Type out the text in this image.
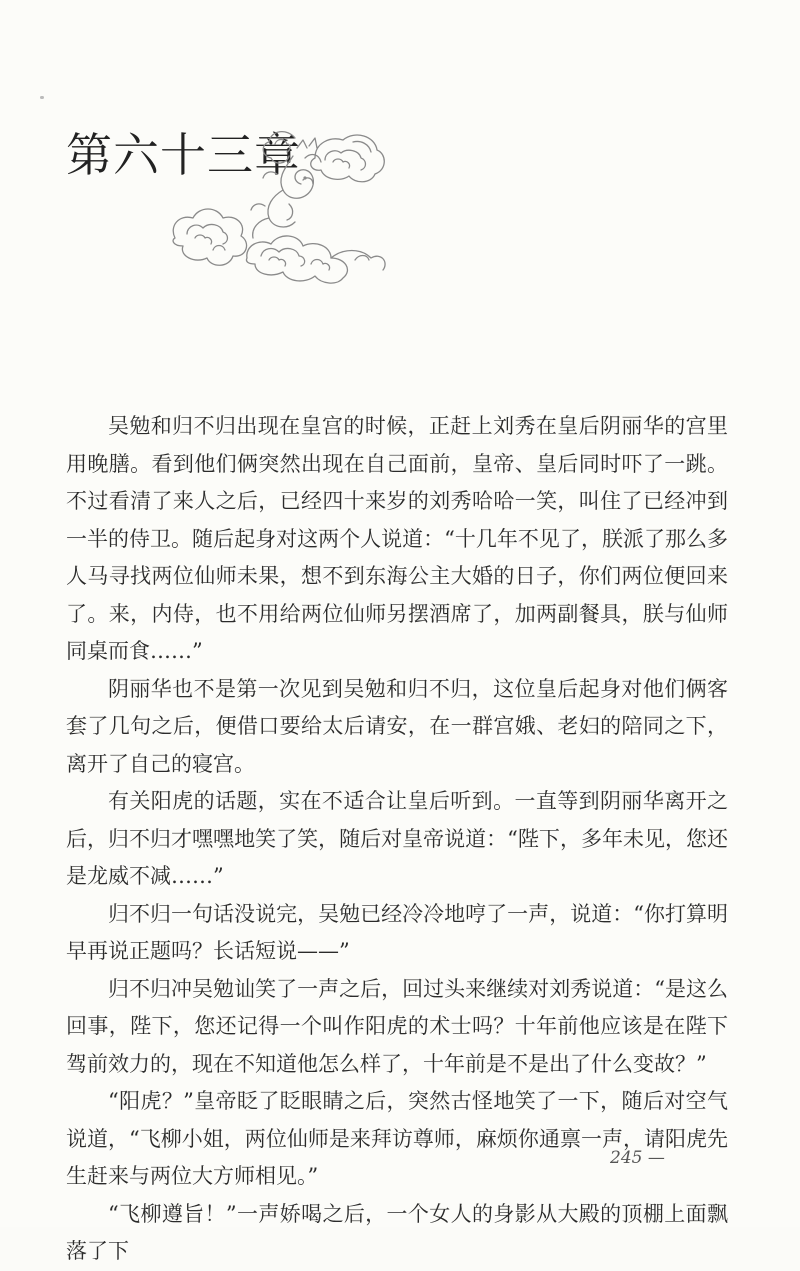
第六十三章

吴勉和归不归出现在皇宫的时候，正赶上刘秀在皇后阴丽华的宫里用晚膳。看到他们俩突然出现在自己面前，皇帝、皇后同时吓了一跳。不过看清了来人之后，已经四十来岁的刘秀哈哈一笑，叫住了已经冲到一半的侍卫。随后起身对这两个人说道：“十几年不见了，朕派了那么多人马寻找两位仙师未果，想不到东海公主大婚的日子，你们两位便回来了。来，内侍，也不用给两位仙师另摆酒席了，加两副餐具，朕与仙师同桌而食……”

阴丽华也不是第一次见到吴勉和归不归，这位皇后起身对他们俩客套了几句之后，便借口要给太后请安，在一群宫娥、老妇的陪同之下，离开了自己的寝宫。

有关阳虎的话题，实在不适合让皇后听到。一直等到阴丽华离开之后，归不归才嘿嘿地笑了笑，随后对皇帝说道：“陛下，多年未见，您还是龙威不减……”

归不归一句话没说完，吴勉已经冷冷地哼了一声，说道：“你打算明早再说正题吗？长话短说——”

归不归冲吴勉讪笑了一声之后，回过头来继续对刘秀说道：“是这么回事，陛下，您还记得一个叫作阳虎的术士吗？十年前他应该是在陛下驾前效力的，现在不知道他怎么样了，十年前是不是出了什么变故？”

“阳虎？”皇帝眨了眨眼睛之后，突然古怪地笑了一下，随后对空气说道，“飞柳小姐，两位仙师是来拜访尊师，麻烦你通禀一声，请阳虎先生赶来与两位大方师相见。”

“飞柳遵旨！”一声娇喝之后，一个女人的身影从大殿的顶棚上面飘落了下

245 —
